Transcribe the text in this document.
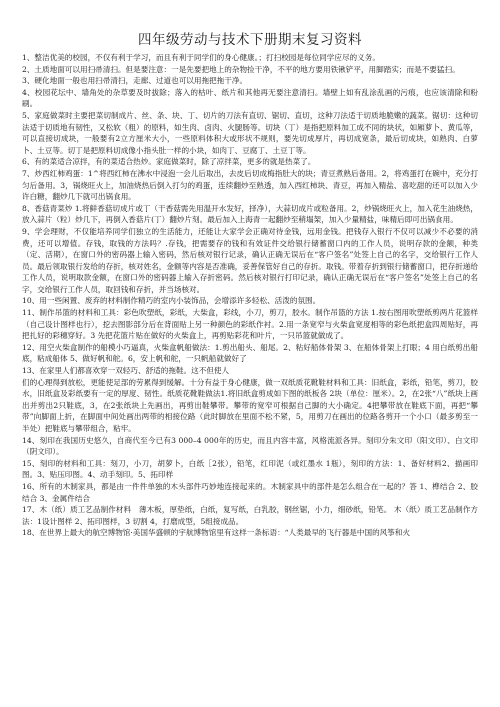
四年级劳动与技术下册期末复习资料

1、整洁优美的校园，不仅有利于学习，而且有利于同学们的身心健康。；打扫校园是每位同学应尽的义务。

2、土质地面可以用扫帚清扫。但是要注意：一是先要把地上的杂物捡干净，不平的地方要用铁锹铲平，用脚踏实；而是不要猛扫。

3、硬化地面一般也用扫帚清扫，走廊、过道也可以用拖把拖干净。

4、校园花坛中、墙角处的杂草要及时拔除；落入的枯叶、纸片和其他再无要注意清扫。墙壁上如有乱涂乱画的污痕，也应该清除和粉刷。

5、家庭做菜时主要把菜切制成片、丝、条、块、丁、切片的刀法有直切、锯切、直切，这种刀法适于切质地脆嫩的蔬菜。锯切：这种切法适于切质地有韧性，又松软（粗）的原料，如生肉、卤肉、火腿肠等。切块（丁）是指把原料加工成不同的块状，如厢萝卜、黄瓜等，可以直接切成块，一般要有2立方厘米大小，一些原料体积大或形状不规则，要先切成厚片，再切成宽条，最后切成块，如熟肉、白萝卜、土豆等。切丁是把原料切成像小指头肚一样的小块，如肉丁、豆腐丁、土豆丁等。

6、有的菜适合凉拌，有的菜适合热炒。家庭做菜时，除了凉拌菜，更多的就是热菜了。

7、炒西红柿鸡蛋：1^将西红柿在沸水中浸泡一会儿后取出，去皮后切成梅指肚大的块；青豆煮熟后备用。2，将鸡蛋打在碗中，充分打匀后备用。3，锅烧旺火上，加油烧热后倒入打匀的鸡蛋，连续翻炒至熟透，加入西红柿块、青豆，再加入精盐、喜吃甜的还可以加入少许白糖，翻炒几下就可出锅食用。

8、香菇青菜炒 1.将鲜香菇切成片或丁（干香菇需先用温开水发好，择净），大蒜切成片或粒备用。2，炒锅烧旺火上，加入花生油烧热，放入蒜片（粒）炒几下，再倒入香菇片(丁）翻炒片刻。最后加入上海青一起翻炒至稍塌架，加入少量精盐，味精后即可出锅食用。

9、学会理财，不仅能培养同学们独立的生活能力，还能让大家学会正确对待金钱，远用金钱。把钱存入银行不仅可以减少不必要的消费，还可以增值。存钱，取钱的方法吗？.存钱，把需要存的钱和有效证件交给银行储蓄窗口内的工作人员，说明存款的金额，种类（定、活期），在窗口外的密码器上输入密码，然后核对银行记录，确认正确无误后在“客户签名”处签上自己的名字，交给银行工作人员。最后领取银行发给的存折，核对姓名，金额等内容是否准确，妥善保管好自己的存折。取钱。带着存折到银行储蓄窗口，把存折递给工作人员，说明取款金额，在窗口外的密码器上输入存折密码。然后核对银行打印记录，确认正确无误后在“客户签名”处签上自己的名字，交给银行工作人员，取回钱和存折，并当场核对。

10、用一些闲置、废弃的材料制作精巧的室内小装饰品，会增添许多轻松、活泼的氛围。

11、制作吊篮的材料和工具：彩色吹塑纸，彩纸，大柴盒，彩线，小刀，剪刀，胶水。制作吊篮的方法 1.按右图用吹塑纸剪两片花篮样（自己设计图样也行），挖去图影部分后在背面贴上另一种颜色的彩纸作衬。2.用一条宽窄与火柴盒宽度相等的彩色纸把盒四周贴好，再把扎好的彩穗穿好。3 先把花篮片贴在做好的火柴盒上，再剪贴彩花和叶片，一只吊篮就做成了。

12、用空火柴盒制作的船模小巧逼真，火柴盒帆船做法：1.剪出船头、船尾。2、粘好船体骨架 3、在船体骨架上打眼；4 用白纸剪出船底，粘成船体 5、做好帆和舵。6，安上帆和舵，一只帆船就做好了

13、在家里人们都喜欢穿一双轻巧、舒适的拖鞋。这不但使人

们的心理得到放松，更能使足部的劳累得到缓解。十分有益于身心健康，做一双纸质花靴鞋材料和工具：旧纸盒，彩纸，铅笔，剪刀，胶水，旧纸盒及彩纸要有一定的厚度、韧性。纸质花靴鞋做法1.将旧纸盒剪成如下图的纸板各 2块（单位：厘米）。2，在2张“八”纸块上画出并剪出2只鞋底，3，在2张纸块上先画出，再剪出鞋攀带。攀带的宽窄可根据自己脚的大小确定。4把攀带放在鞋底下面，再把“攀带”向脚面上折，在脚面中间处画出两带的相接位路（此时脚放在里面不松不紧，5，用剪刀在画出的位路各剪开一个小口（最多剪至一半处）把鞋底与攀带组合，粘牢。

14、刻印在我国历史悠久，自商代至今已有3 000–4 000年的历史，而且内容丰富，风格流派各异。刻印分朱文印（阳文印）、白文印（阴文印）。

15、刻印的材料和工具：刻刀，小刀，胡萝卜，白纸［2张），铅笔，红印泥（或红墨水 1瓶），刻印的方法：1、备好材料2、描画印图。3、贴压印图。4、动手刻印。5、拓印样

16、所有的木制家具，都是由一件件单独的木头部件巧妙地连接起来的。木制家具中的部件是怎么组合在一起的？答 1、榫结合 2、胶结合 3、金属件结合

17、木（纸）质工艺品制作材料　薄木板，厚垫纸，白纸，复写纸，白乳胶，钢丝锯，小力，细砂纸，铅笔。 木（纸）质工艺品制作方法：1设计图样 2、拓印图样，3 切割 4，打磨成型，5组接成品。

18、在世界上最大的航空博物馆·美国华盛顿的宇航博物馆里有这样一条标语：“人类最早的飞行器是中国的风筝和火
